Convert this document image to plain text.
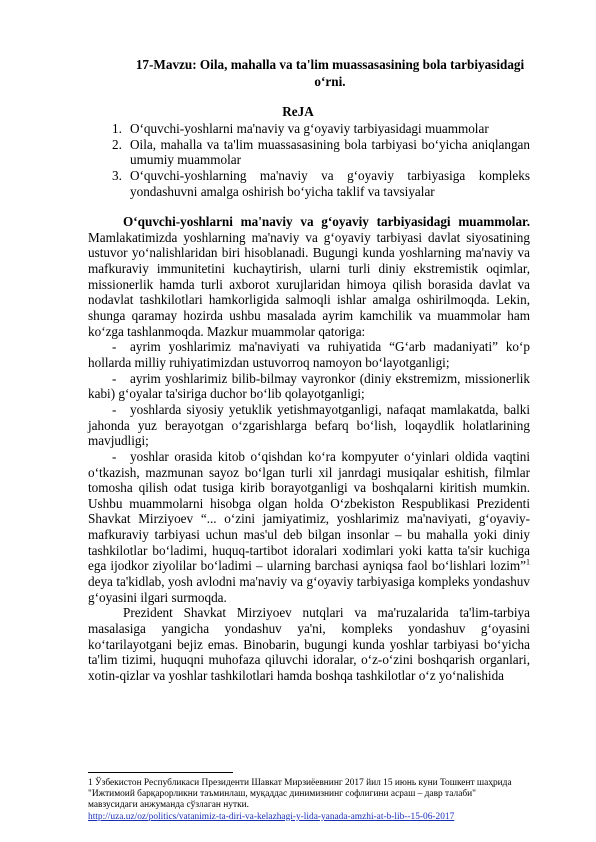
17-Mavzu: Oila, mahalla va ta'lim muassasasining bola tarbiyasidagi
o‘rni.
ReJA
1. O‘quvchi-yoshlarni ma'naviy va g‘oyaviy tarbiyasidagi muammolar
2. Oila, mahalla va ta'lim muassasasining bola tarbiyasi bo‘yicha aniqlangan umumiy muammolar
3. O‘quvchi-yoshlarning ma'naviy va g‘oyaviy tarbiyasiga kompleks yondashuvni amalga oshirish bo‘yicha taklif va tavsiyalar

O‘quvchi-yoshlarni ma'naviy va g‘oyaviy tarbiyasidagi muammolar. Mamlakatimizda yoshlarning ma'naviy va g‘oyaviy tarbiyasi davlat siyosatining ustuvor yo‘nalishlaridan biri hisoblanadi. Bugungi kunda yoshlarning ma'naviy va mafkuraviy immunitetini kuchaytirish, ularni turli diniy ekstremistik oqimlar, missionerlik hamda turli axborot xurujlaridan himoya qilish borasida davlat va nodavlat tashkilotlari hamkorligida salmoqli ishlar amalga oshirilmoqda. Lekin, shunga qaramay hozirda ushbu masalada ayrim kamchilik va muammolar ham ko‘zga tashlanmoqda. Mazkur muammolar qatoriga:

- ayrim yoshlarimiz ma'naviyati va ruhiyatida “G‘arb madaniyati” ko‘p hollarda milliy ruhiyatimizdan ustuvorroq namoyon bo‘layotganligi;

- ayrim yoshlarimiz bilib-bilmay vayronkor (diniy ekstremizm, missionerlik kabi) g‘oyalar ta'siriga duchor bo‘lib qolayotganligi;

- yoshlarda siyosiy yetuklik yetishmayotganligi, nafaqat mamlakatda, balki jahonda yuz berayotgan o‘zgarishlarga befarq bo‘lish, loqaydlik holatlarining mavjudligi;

- yoshlar orasida kitob o‘qishdan ko‘ra kompyuter o‘yinlari oldida vaqtini o‘tkazish, mazmunan sayoz bo‘lgan turli xil janrdagi musiqalar eshitish, filmlar tomosha qilish odat tusiga kirib borayotganligi va boshqalarni kiritish mumkin. Ushbu muammolarni hisobga olgan holda O‘zbekiston Respublikasi Prezidenti Shavkat Mirziyoev “... o‘zini jamiyatimiz, yoshlarimiz ma'naviyati, g‘oyaviy-mafkuraviy tarbiyasi uchun mas'ul deb bilgan insonlar – bu mahalla yoki diniy tashkilotlar bo‘ladimi, huquq-tartibot idoralari xodimlari yoki katta ta'sir kuchiga ega ijodkor ziyolilar bo‘ladimi – ularning barchasi ayniqsa faol bo‘lishlari lozim”$^1$ deya ta'kidlab, yosh avlodni ma'naviy va g‘oyaviy tarbiyasiga kompleks yondashuv g‘oyasini ilgari surmoqda.

Prezident Shavkat Mirziyoev nutqlari va ma'ruzalarida ta'lim-tarbiya masalasiga yangicha yondashuv ya'ni, kompleks yondashuv g‘oyasini ko‘tarilayotgani bejiz emas. Binobarin, bugungi kunda yoshlar tarbiyasi bo‘yicha ta'lim tizimi, huquqni muhofaza qiluvchi idoralar, o‘z-o‘zini boshqarish organlari, xotin-qizlar va yoshlar tashkilotlari hamda boshqa tashkilotlar o‘z yo‘nalishida

1 Ўзбекистон Республикаси Президенти Шавкат Мирзиёевнинг 2017 йил 15 июнь куни Тошкент шаҳрида

"Ижтимоий барқарорликни таъминлаш, муқаддас динимизнинг софлигини асраш – давр талаби"

мавзусидаги анжуманда сўзлаган нутки.

http://uza.uz/oz/politics/vatanimiz-ta-diri-va-kelazhagi-y-lida-yanada-amzhi-at-b-lib--15-06-2017
